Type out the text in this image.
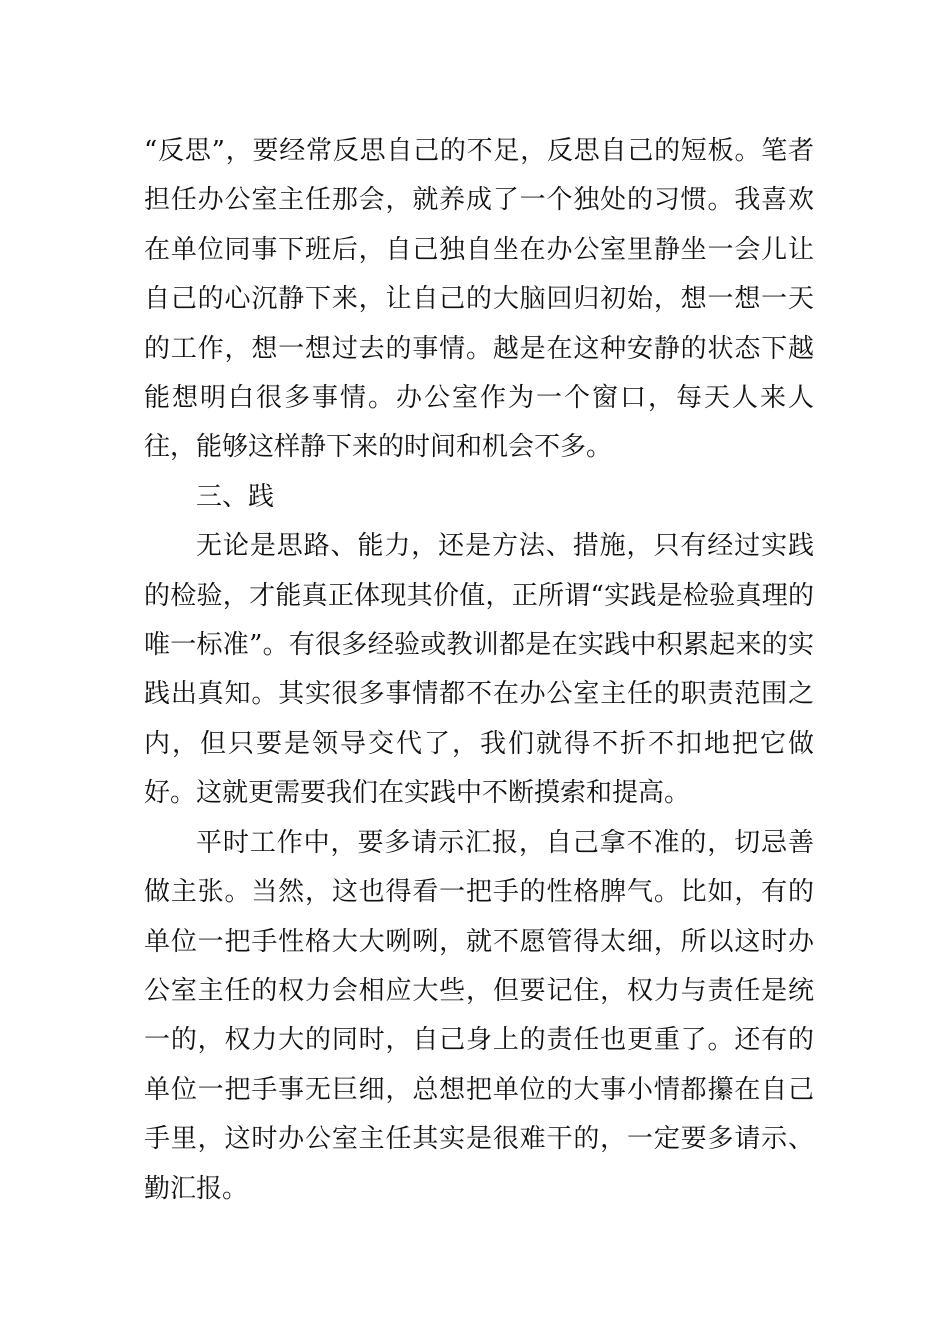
“反思”，要经常反思自己的不足，反思自己的短板。笔者担任办公室主任那会，就养成了一个独处的习惯。我喜欢在单位同事下班后，自己独自坐在办公室里静坐一会儿让自己的心沉静下来，让自己的大脑回归初始，想一想一天的工作，想一想过去的事情。越是在这种安静的状态下越能想明白很多事情。办公室作为一个窗口，每天人来人往，能够这样静下来的时间和机会不多。

三、践

无论是思路、能力，还是方法、措施，只有经过实践的检验，才能真正体现其价值，正所谓“实践是检验真理的唯一标准”。有很多经验或教训都是在实践中积累起来的实践出真知。其实很多事情都不在办公室主任的职责范围之内，但只要是领导交代了，我们就得不折不扣地把它做好。这就更需要我们在实践中不断摸索和提高。

平时工作中，要多请示汇报，自己拿不准的，切忌善做主张。当然，这也得看一把手的性格脾气。比如，有的单位一把手性格大大咧咧，就不愿管得太细，所以这时办公室主任的权力会相应大些，但要记住，权力与责任是统一的，权力大的同时，自己身上的责任也更重了。还有的单位一把手事无巨细，总想把单位的大事小情都攥在自己手里，这时办公室主任其实是很难干的，一定要多请示、勤汇报。
